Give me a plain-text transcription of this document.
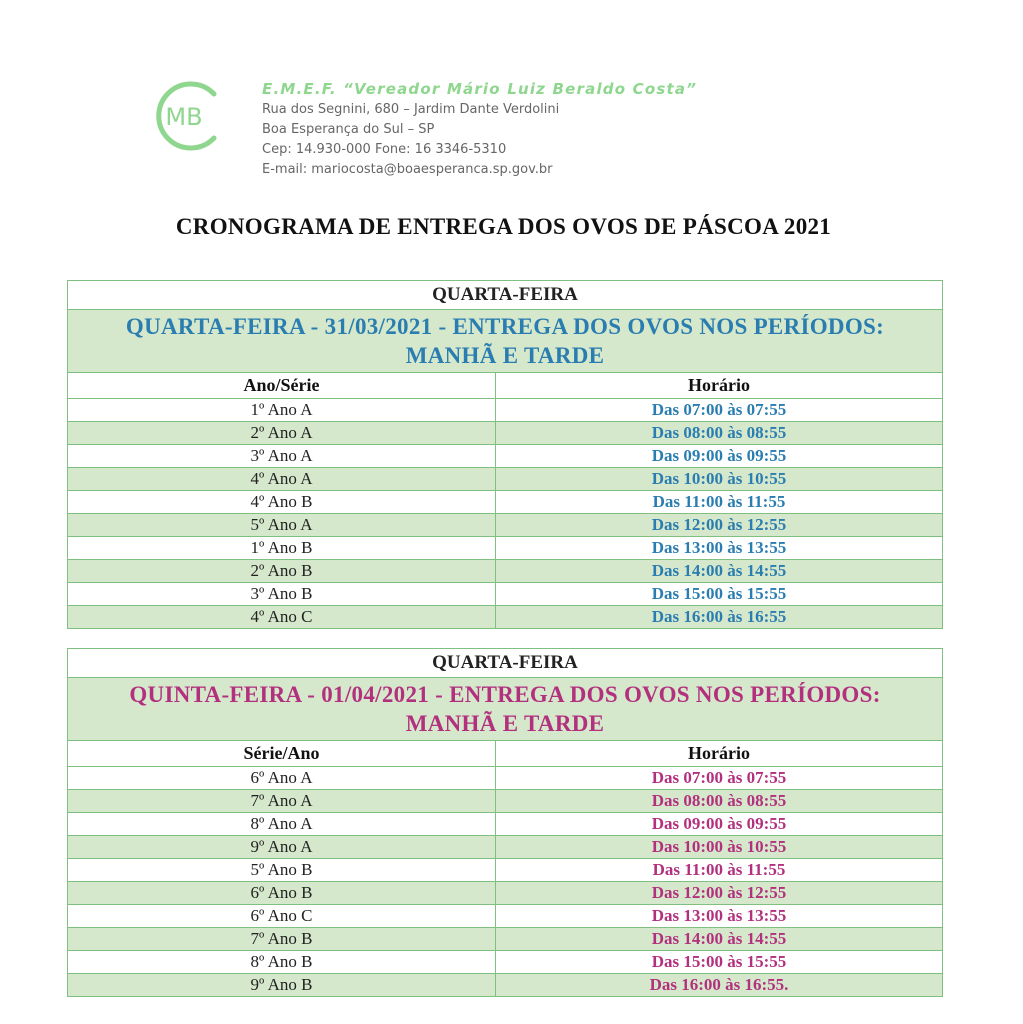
MB
E.M.E.F. “Vereador Mário Luiz Beraldo Costa”
Rua dos Segnini, 680 – Jardim Dante Verdolini
Boa Esperança do Sul – SP
Cep: 14.930-000 Fone: 16 3346-5310
E-mail: mariocosta@boaesperanca.sp.gov.br
CRONOGRAMA DE ENTREGA DOS OVOS DE PÁSCOA 2021
QUARTA-FEIRA	
QUARTA-FEIRA - 31/03/2021 - ENTREGA DOS OVOS NOS PERÍODOS:
MANHÃ E TARDE	
Ano/Série	Horário
1º Ano A	Das 07:00 às 07:55
2º Ano A	Das 08:00 às 08:55
3º Ano A	Das 09:00 às 09:55
4º Ano A	Das 10:00 às 10:55
4º Ano B	Das 11:00 às 11:55
5º Ano A	Das 12:00 às 12:55
1º Ano B	Das 13:00 às 13:55
2º Ano B	Das 14:00 às 14:55
3º Ano B	Das 15:00 às 15:55
4º Ano C	Das 16:00 às 16:55
QUARTA-FEIRA	
QUINTA-FEIRA - 01/04/2021 - ENTREGA DOS OVOS NOS PERÍODOS:
MANHÃ E TARDE	
Série/Ano	Horário
6º Ano A	Das 07:00 às 07:55
7º Ano A	Das 08:00 às 08:55
8º Ano A	Das 09:00 às 09:55
9º Ano A	Das 10:00 às 10:55
5º Ano B	Das 11:00 às 11:55
6º Ano B	Das 12:00 às 12:55
6º Ano C	Das 13:00 às 13:55
7º Ano B	Das 14:00 às 14:55
8º Ano B	Das 15:00 às 15:55
9º Ano B	Das 16:00 às 16:55.
